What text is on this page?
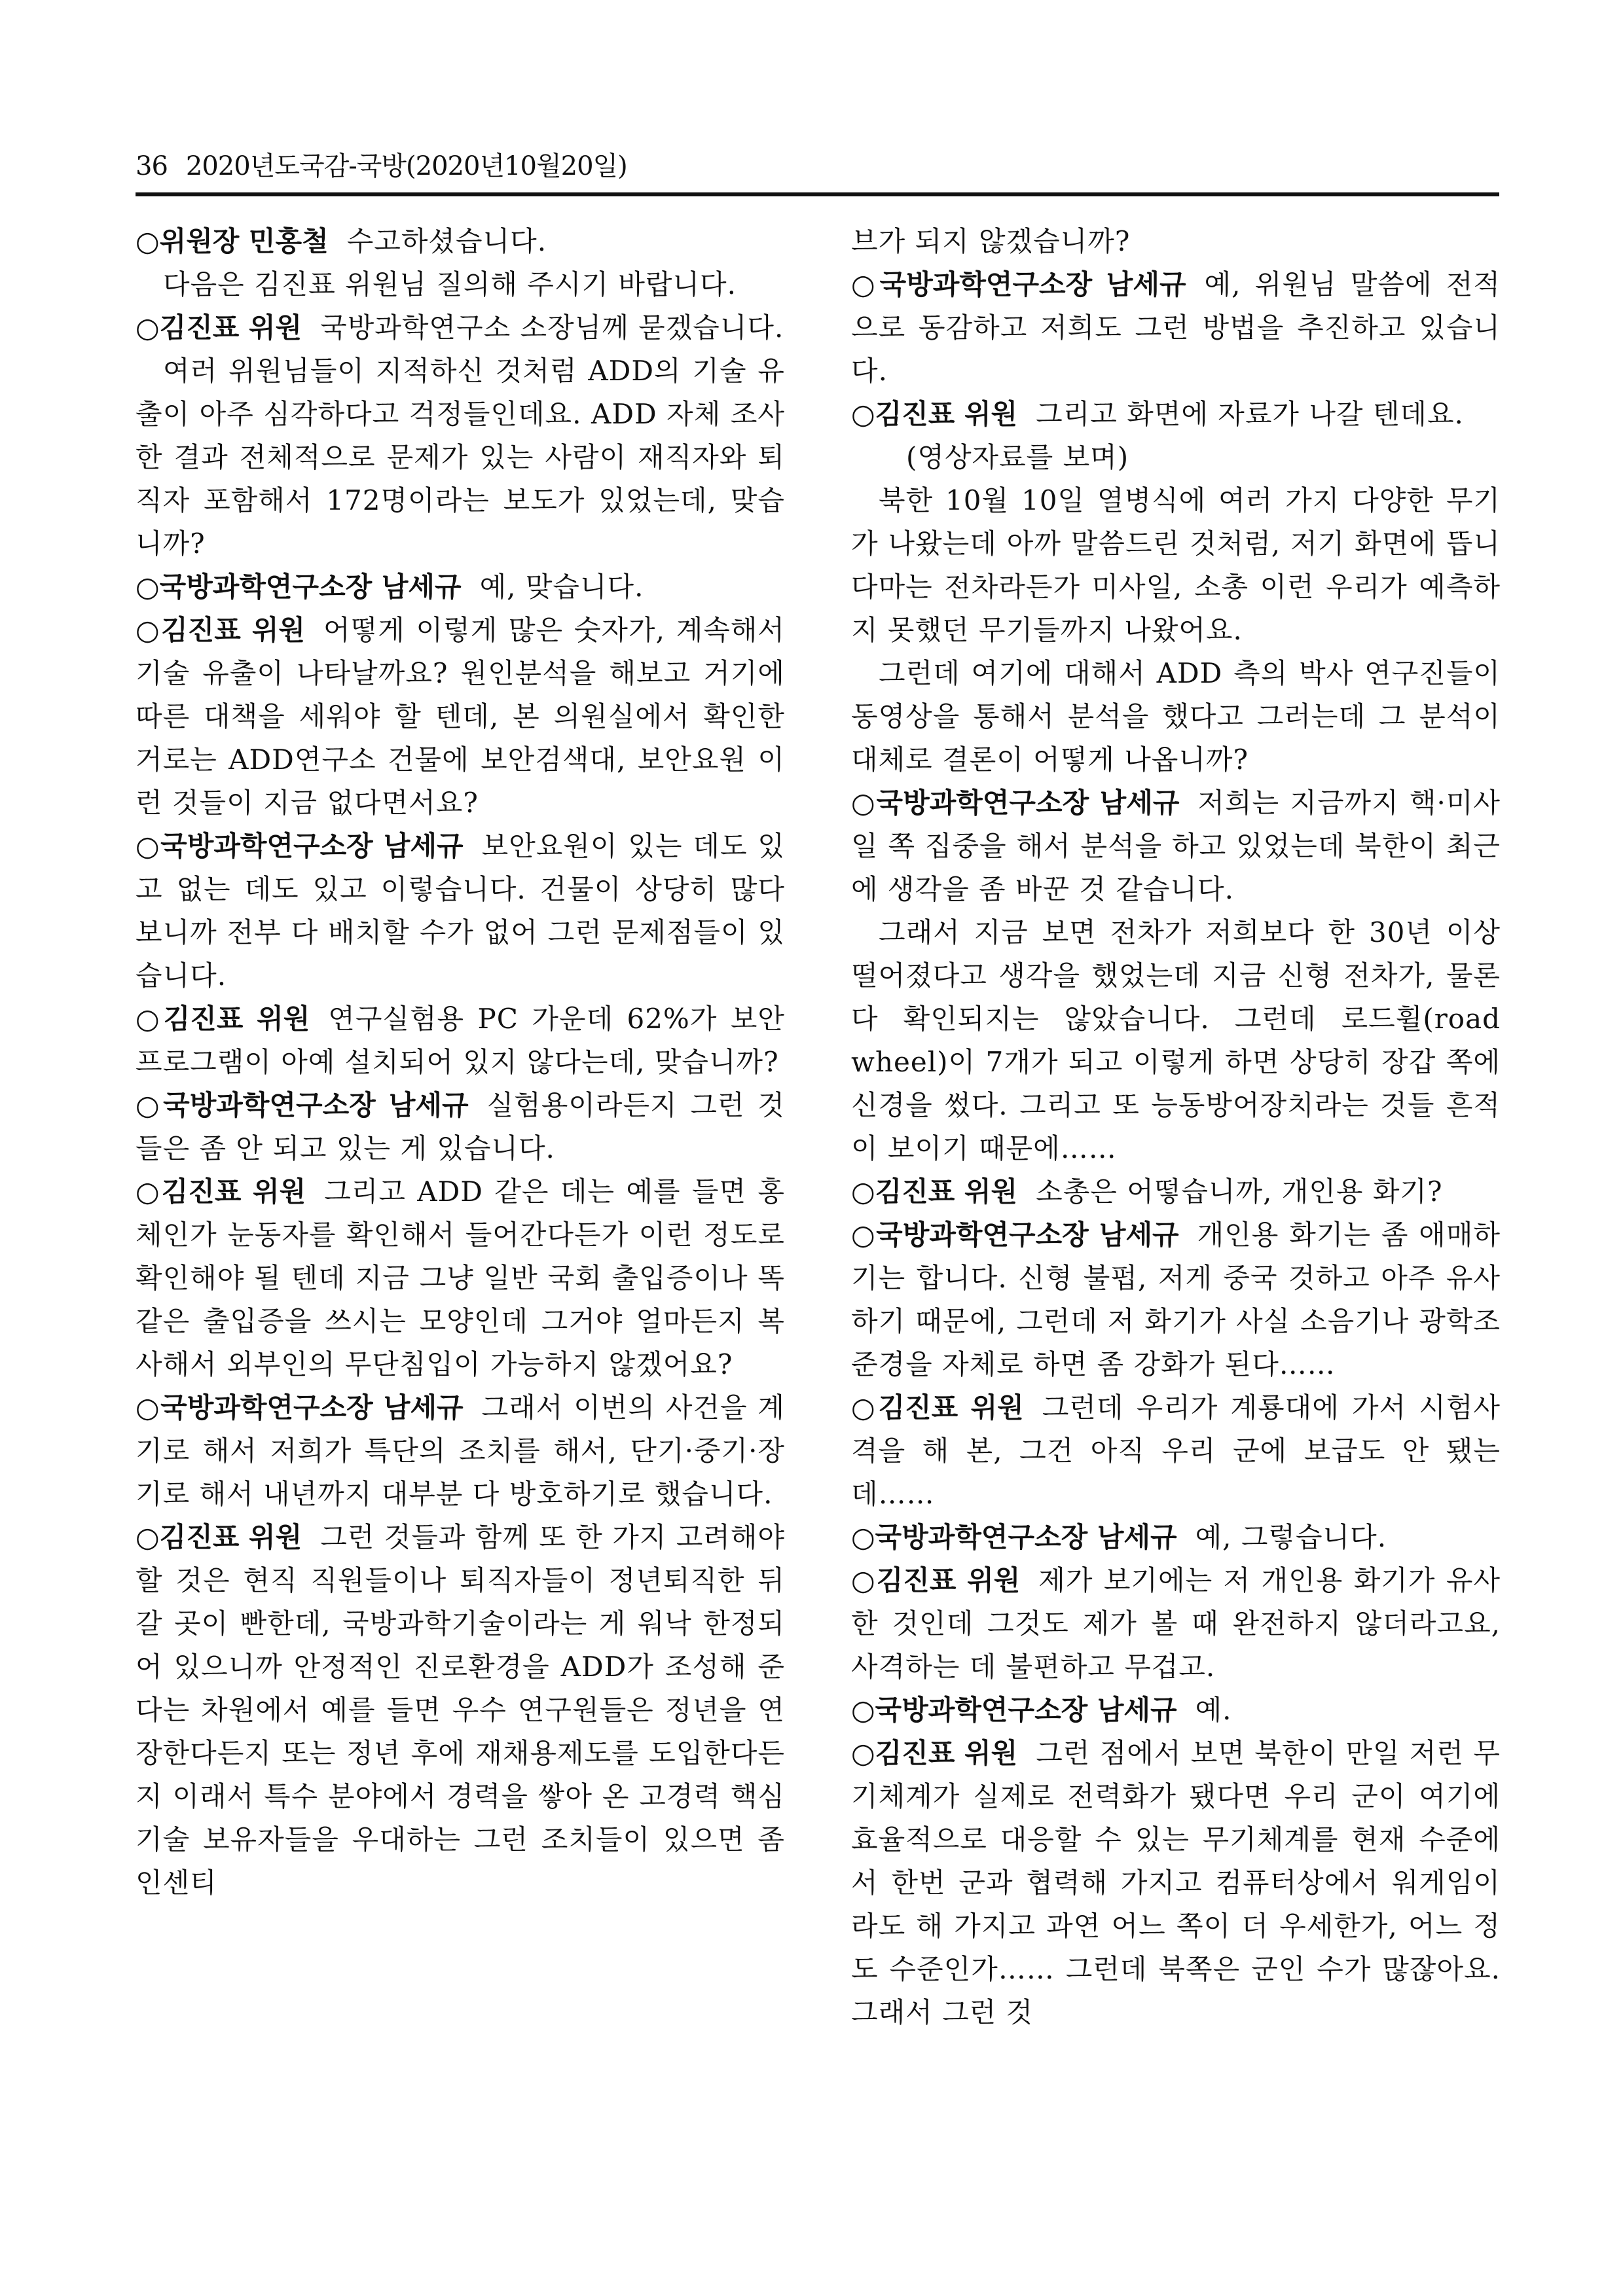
36 2020년도국감-국방(2020년10월20일)

○위원장 민홍철 수고하셨습니다.

다음은 김진표 위원님 질의해 주시기 바랍니다.

○김진표 위원 국방과학연구소 소장님께 묻겠습니다.

여러 위원님들이 지적하신 것처럼 ADD의 기술 유출이 아주 심각하다고 걱정들인데요. ADD 자체 조사한 결과 전체적으로 문제가 있는 사람이 재직자와 퇴직자 포함해서 172명이라는 보도가 있었는데, 맞습니까?

○국방과학연구소장 남세규 예, 맞습니다.

○김진표 위원 어떻게 이렇게 많은 숫자가, 계속해서 기술 유출이 나타날까요? 원인분석을 해보고 거기에 따른 대책을 세워야 할 텐데, 본 의원실에서 확인한 거로는 ADD연구소 건물에 보안검색대, 보안요원 이런 것들이 지금 없다면서요?

○국방과학연구소장 남세규 보안요원이 있는 데도 있고 없는 데도 있고 이렇습니다. 건물이 상당히 많다 보니까 전부 다 배치할 수가 없어 그런 문제점들이 있습니다.

○김진표 위원 연구실험용 PC 가운데 62%가 보안프로그램이 아예 설치되어 있지 않다는데, 맞습니까?

○국방과학연구소장 남세규 실험용이라든지 그런 것들은 좀 안 되고 있는 게 있습니다.

○김진표 위원 그리고 ADD 같은 데는 예를 들면 홍체인가 눈동자를 확인해서 들어간다든가 이런 정도로 확인해야 될 텐데 지금 그냥 일반 국회 출입증이나 똑같은 출입증을 쓰시는 모양인데 그거야 얼마든지 복사해서 외부인의 무단침입이 가능하지 않겠어요?

○국방과학연구소장 남세규 그래서 이번의 사건을 계기로 해서 저희가 특단의 조치를 해서, 단기·중기·장기로 해서 내년까지 대부분 다 방호하기로 했습니다.

○김진표 위원 그런 것들과 함께 또 한 가지 고려해야 할 것은 현직 직원들이나 퇴직자들이 정년퇴직한 뒤 갈 곳이 빤한데, 국방과학기술이라는 게 워낙 한정되어 있으니까 안정적인 진로환경을 ADD가 조성해 준다는 차원에서 예를 들면 우수 연구원들은 정년을 연장한다든지 또는 정년 후에 재채용제도를 도입한다든지 이래서 특수 분야에서 경력을 쌓아 온 고경력 핵심기술 보유자들을 우대하는 그런 조치들이 있으면 좀 인센티

브가 되지 않겠습니까?

○국방과학연구소장 남세규 예, 위원님 말씀에 전적으로 동감하고 저희도 그런 방법을 추진하고 있습니다.

○김진표 위원 그리고 화면에 자료가 나갈 텐데요.

(영상자료를 보며)

북한 10월 10일 열병식에 여러 가지 다양한 무기가 나왔는데 아까 말씀드린 것처럼, 저기 화면에 뜹니다마는 전차라든가 미사일, 소총 이런 우리가 예측하지 못했던 무기들까지 나왔어요.

그런데 여기에 대해서 ADD 측의 박사 연구진들이 동영상을 통해서 분석을 했다고 그러는데 그 분석이 대체로 결론이 어떻게 나옵니까?

○국방과학연구소장 남세규 저희는 지금까지 핵·미사일 쪽 집중을 해서 분석을 하고 있었는데 북한이 최근에 생각을 좀 바꾼 것 같습니다.

그래서 지금 보면 전차가 저희보다 한 30년 이상 떨어졌다고 생각을 했었는데 지금 신형 전차가, 물론 다 확인되지는 않았습니다. 그런데 로드휠(road wheel)이 7개가 되고 이렇게 하면 상당히 장갑 쪽에 신경을 썼다. 그리고 또 능동방어장치라는 것들 흔적이 보이기 때문에……

○김진표 위원 소총은 어떻습니까, 개인용 화기?

○국방과학연구소장 남세규 개인용 화기는 좀 애매하기는 합니다. 신형 불펍, 저게 중국 것하고 아주 유사하기 때문에, 그런데 저 화기가 사실 소음기나 광학조준경을 자체로 하면 좀 강화가 된다……

○김진표 위원 그런데 우리가 계룡대에 가서 시험사격을 해 본, 그건 아직 우리 군에 보급도 안 됐는데……

○국방과학연구소장 남세규 예, 그렇습니다.

○김진표 위원 제가 보기에는 저 개인용 화기가 유사한 것인데 그것도 제가 볼 때 완전하지 않더라고요, 사격하는 데 불편하고 무겁고.

○국방과학연구소장 남세규 예.

○김진표 위원 그런 점에서 보면 북한이 만일 저런 무기체계가 실제로 전력화가 됐다면 우리 군이 여기에 효율적으로 대응할 수 있는 무기체계를 현재 수준에서 한번 군과 협력해 가지고 컴퓨터상에서 워게임이라도 해 가지고 과연 어느 쪽이 더 우세한가, 어느 정도 수준인가…… 그런데 북쪽은 군인 수가 많잖아요. 그래서 그런 것
